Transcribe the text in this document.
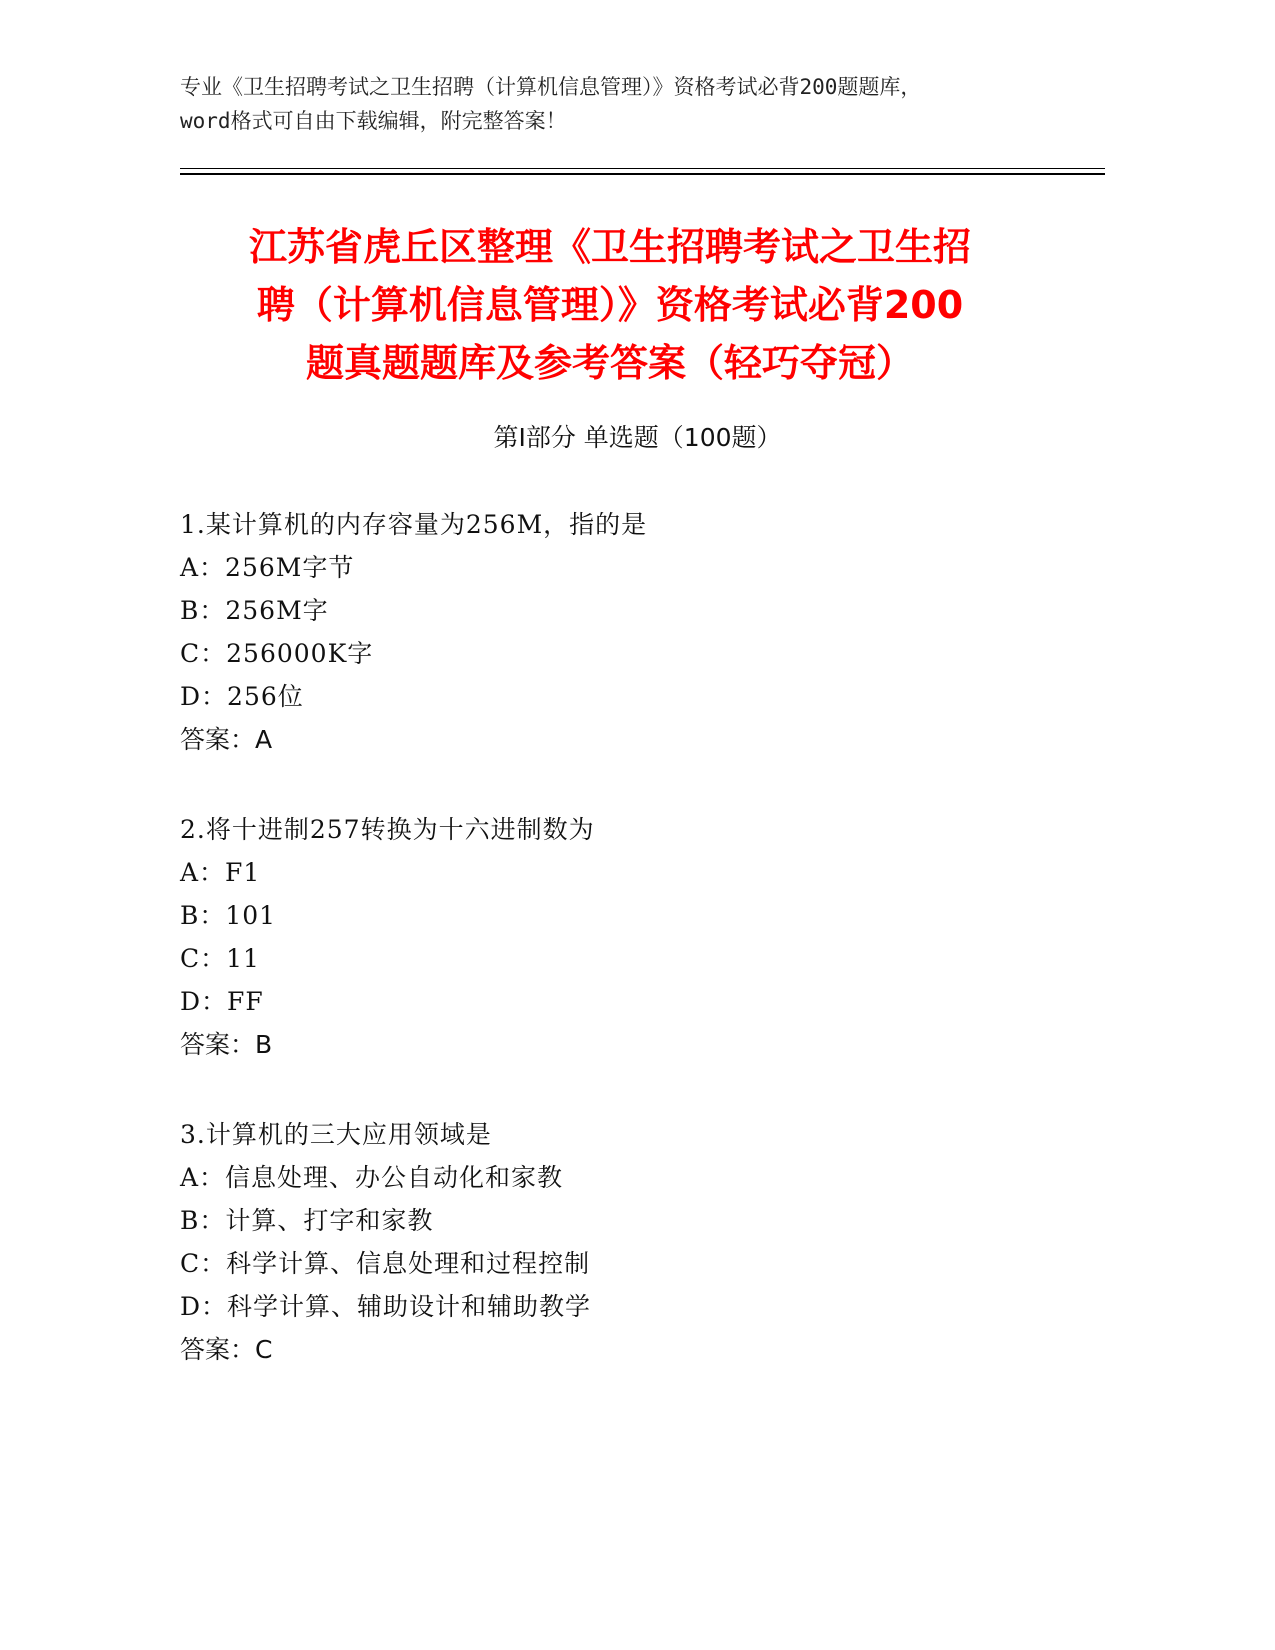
专业《卫生招聘考试之卫生招聘（计算机信息管理）》资格考试必背200题题库，
word格式可自由下载编辑，附完整答案！
江苏省虎丘区整理《卫生招聘考试之卫生招
聘（计算机信息管理）》资格考试必背200
题真题题库及参考答案（轻巧夺冠）
第I部分 单选题（100题）
1.某计算机的内存容量为256M，指的是
A：256M字节
B：256M字
C：256000K字
D：256位
答案：A
2.将十进制257转换为十六进制数为
A：F1
B：101
C：11
D：FF
答案：B
3.计算机的三大应用领域是
A：信息处理、办公自动化和家教
B：计算、打字和家教
C：科学计算、信息处理和过程控制
D：科学计算、辅助设计和辅助教学
答案：C
